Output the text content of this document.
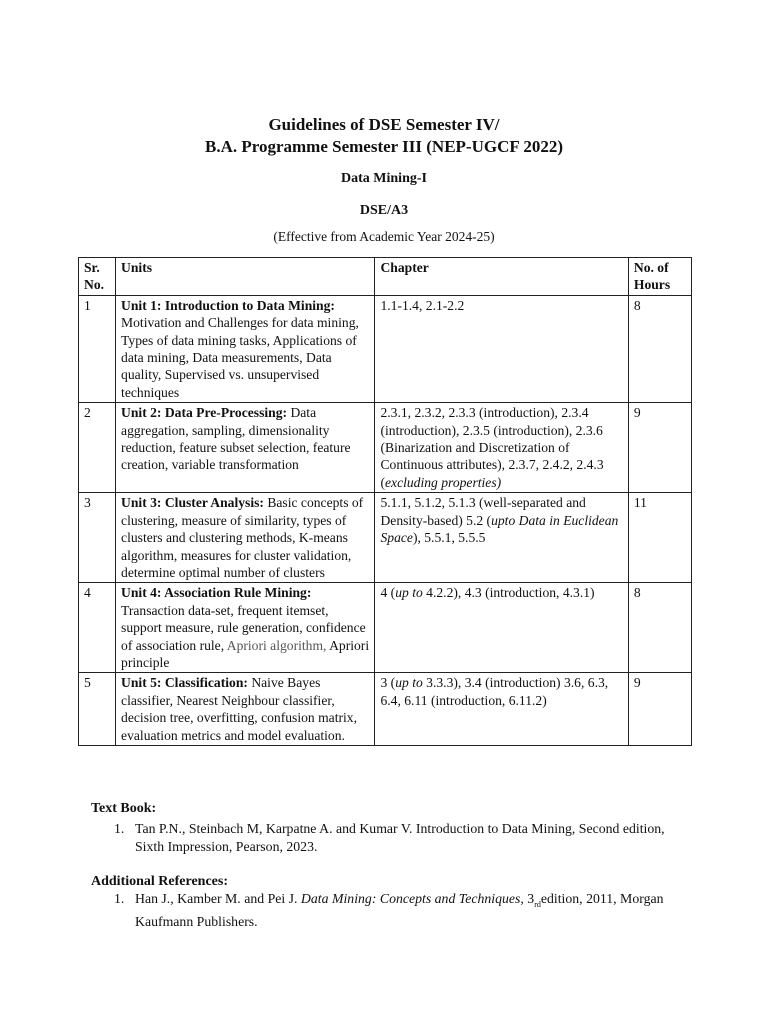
Guidelines of DSE Semester IV/
B.A. Programme Semester III (NEP-UGCF 2022)
Data Mining-I
DSE/A3
(Effective from Academic Year 2024-25)
Sr. No.	Units	Chapter	No. of Hours
1	Unit 1: Introduction to Data Mining: Motivation and Challenges for data mining, Types of data mining tasks, Applications of data mining, Data measurements, Data quality, Supervised vs. unsupervised techniques	1.1-1.4, 2.1-2.2	8
2	Unit 2: Data Pre-Processing: Data aggregation, sampling, dimensionality reduction, feature subset selection, feature creation, variable transformation	2.3.1, 2.3.2, 2.3.3 (introduction), 2.3.4 (introduction), 2.3.5 (introduction), 2.3.6 (Binarization and Discretization of Continuous attributes), 2.3.7, 2.4.2, 2.4.3 (excluding properties)	9
3	Unit 3: Cluster Analysis: Basic concepts of clustering, measure of similarity, types of clusters and clustering methods, K-means algorithm, measures for cluster validation, determine optimal number of clusters	5.1.1, 5.1.2, 5.1.3 (well-separated and Density-based) 5.2 (upto Data in Euclidean Space), 5.5.1, 5.5.5	11
4	Unit 4: Association Rule Mining: Transaction data-set, frequent itemset, support measure, rule generation, confidence of association rule, Apriori algorithm, Apriori principle	4 (up to 4.2.2), 4.3 (introduction, 4.3.1)	8
5	Unit 5: Classification: Naive Bayes classifier, Nearest Neighbour classifier, decision tree, overfitting, confusion matrix, evaluation metrics and model evaluation.	3 (up to 3.3.3), 3.4 (introduction) 3.6, 6.3, 6.4, 6.11 (introduction, 6.11.2)	9
Text Book:
1. Tan P.N., Steinbach M, Karpatne A. and Kumar V. Introduction to Data Mining, Second edition, Sixth Impression, Pearson, 2023.
Additional References:
1. Han J., Kamber M. and Pei J. Data Mining: Concepts and Techniques, $3_{rd}edition$, 2011, Morgan Kaufmann Publishers.
